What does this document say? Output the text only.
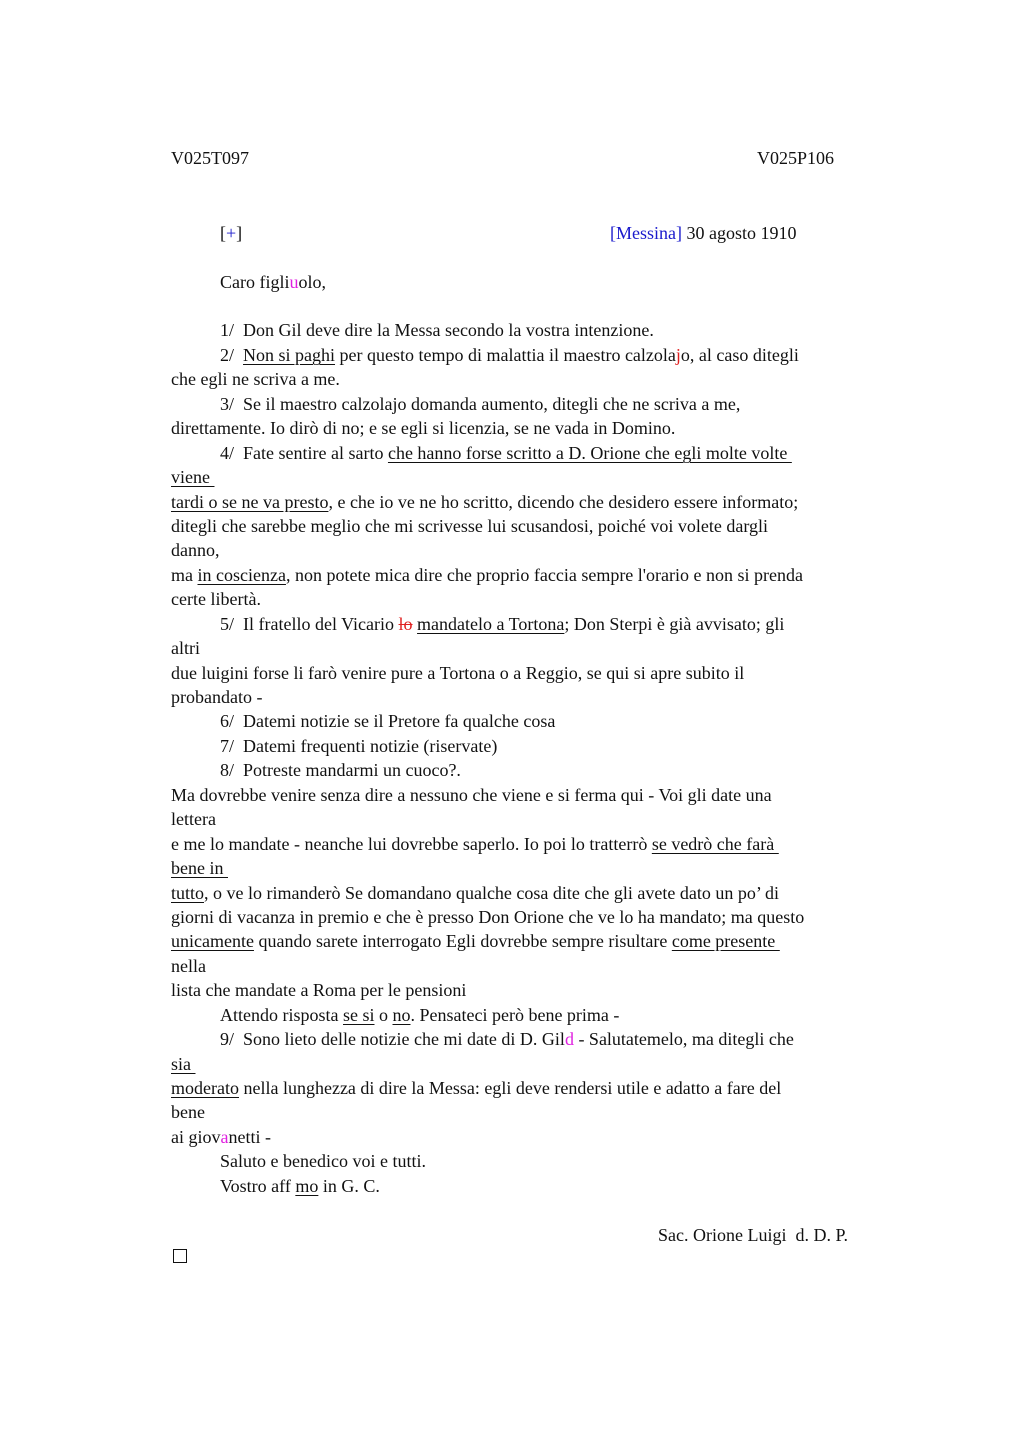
V025T097	V025P106
[+]	[Messina] 30 agosto 1910
Caro figliuolo,
1/  Don Gil deve dire la Messa secondo la vostra intenzione.
2/  Non si paghi per questo tempo di malattia il maestro calzolajo, al caso ditegli
che egli ne scriva a me.
3/  Se il maestro calzolajo domanda aumento, ditegli che ne scriva a me,
direttamente. Io dirò di no; e se egli si licenzia, se ne vada in Domino.
4/  Fate sentire al sarto che hanno forse scritto a D. Orione che egli molte volte
viene
tardi o se ne va presto, e che io ve ne ho scritto, dicendo che desidero essere informato;
ditegli che sarebbe meglio che mi scrivesse lui scusandosi, poiché voi volete dargli
danno,
ma in coscienza, non potete mica dire che proprio faccia sempre l'orario e non si prenda
certe libertà.
5/  Il fratello del Vicario lo mandatelo a Tortona; Don Sterpi è già avvisato; gli
altri
due luigini forse li farò venire pure a Tortona o a Reggio, se qui si apre subito il
probandato -
6/  Datemi notizie se il Pretore fa qualche cosa
7/  Datemi frequenti notizie (riservate)
8/  Potreste mandarmi un cuoco?.
Ma dovrebbe venire senza dire a nessuno che viene e si ferma qui - Voi gli date una
lettera
e me lo mandate - neanche lui dovrebbe saperlo. Io poi lo tratterrò se vedrò che farà
bene in
tutto, o ve lo rimanderò Se domandano qualche cosa dite che gli avete dato un po’ di
giorni di vacanza in premio e che è presso Don Orione che ve lo ha mandato; ma questo
unicamente quando sarete interrogato Egli dovrebbe sempre risultare come presente
nella
lista che mandate a Roma per le pensioni
Attendo risposta se si o no. Pensateci però bene prima -
9/  Sono lieto delle notizie che mi date di D. Gild - Salutatemelo, ma ditegli che
sia
moderato nella lunghezza di dire la Messa: egli deve rendersi utile e adatto a fare del
bene
ai giovanetti -
Saluto e benedico voi e tutti.
Vostro aff mo in G. C.
Sac. Orione Luigi  d. D. P.
